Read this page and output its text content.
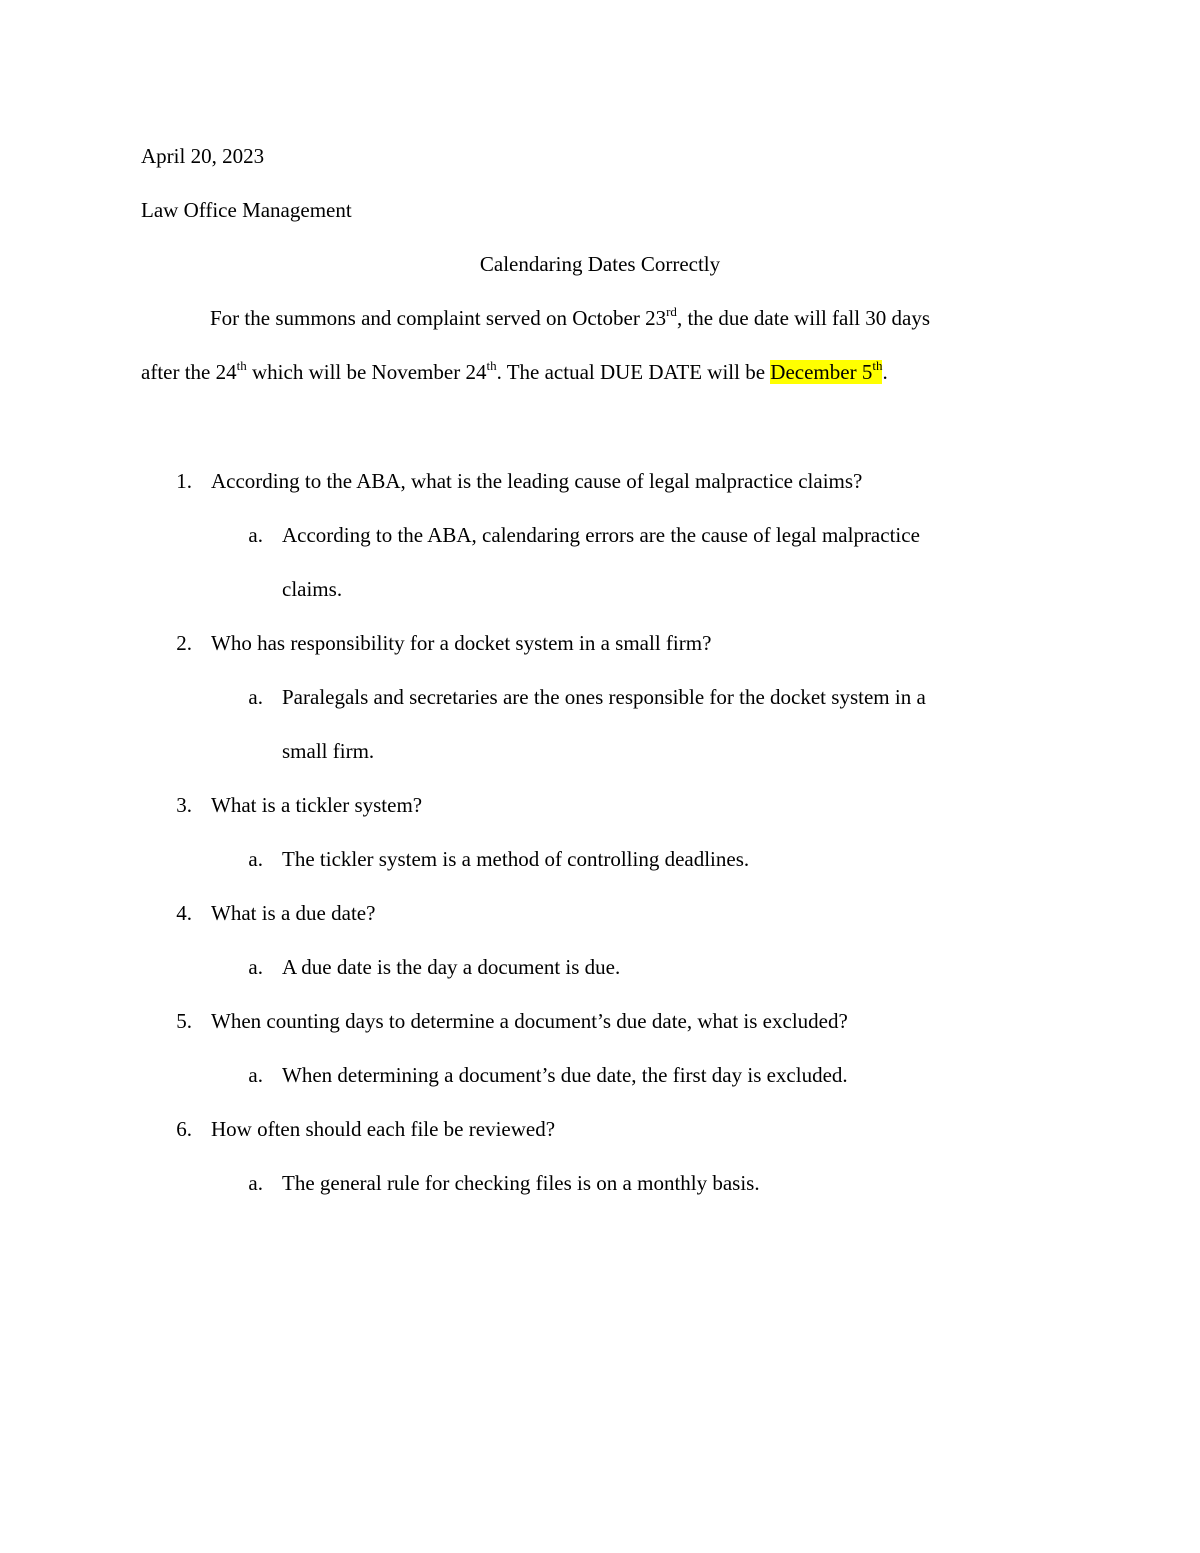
April 20, 2023
Law Office Management
Calendaring Dates Correctly
For the summons and complaint served on October 23rd, the due date will fall 30 days
after the 24th which will be November 24th. The actual DUE DATE will be December 5th.
1. According to the ABA, what is the leading cause of legal malpractice claims?
a. According to the ABA, calendaring errors are the cause of legal malpractice
claims.
2. Who has responsibility for a docket system in a small firm?
a. Paralegals and secretaries are the ones responsible for the docket system in a
small firm.
3. What is a tickler system?
a. The tickler system is a method of controlling deadlines.
4. What is a due date?
a. A due date is the day a document is due.
5. When counting days to determine a document’s due date, what is excluded?
a. When determining a document’s due date, the first day is excluded.
6. How often should each file be reviewed?
a. The general rule for checking files is on a monthly basis.
